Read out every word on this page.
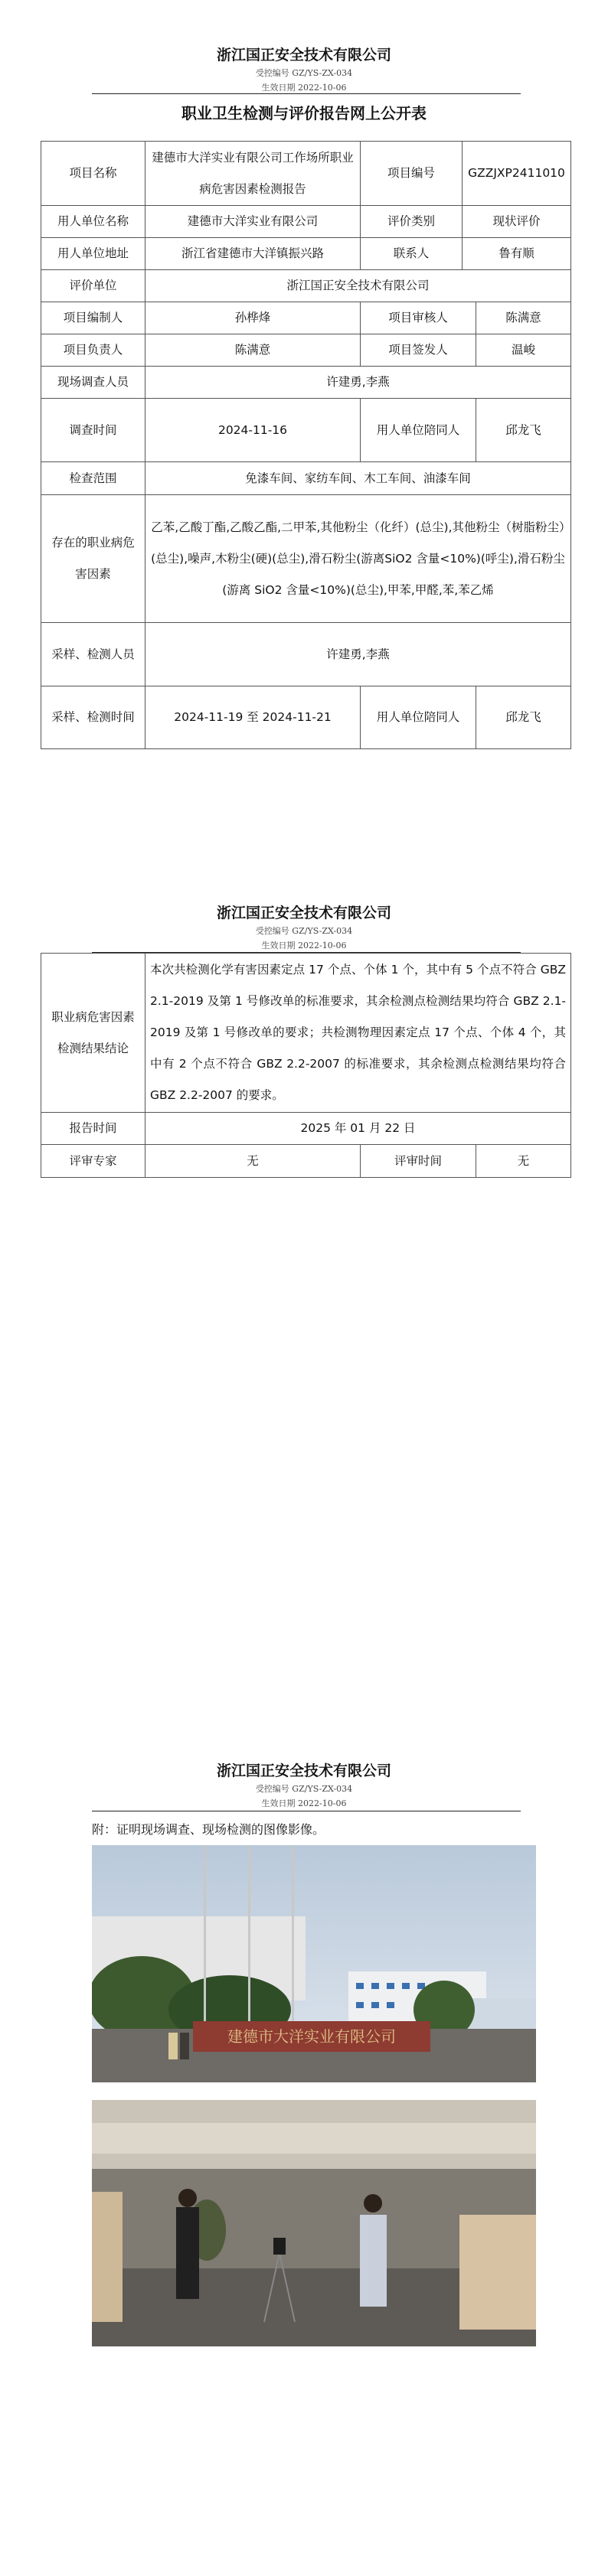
浙江国正安全技术有限公司
受控编号 GZ/YS-ZX-034
生效日期 2022-10-06
职业卫生检测与评价报告网上公开表
项目名称	建德市大洋实业有限公司工作场所职业病危害因素检测报告	项目编号	GZZJXP2411010	
用人单位名称	建德市大洋实业有限公司	评价类别	现状评价	
用人单位地址	浙江省建德市大洋镇振兴路	联系人	鲁有顺	
评价单位	浙江国正安全技术有限公司			
项目编制人	孙桦烽	项目审核人		陈满意
项目负责人	陈满意	项目签发人		温峻
现场调查人员	许建勇,李燕			
调查时间	2024-11-16	用人单位陪同人		邱龙飞
检查范围	免漆车间、家纺车间、木工车间、油漆车间			
存在的职业病危害因素	乙苯,乙酸丁酯,乙酸乙酯,二甲苯,其他粉尘（化纤）(总尘),其他粉尘（树脂粉尘）(总尘),噪声,木粉尘(硬)(总尘),滑石粉尘(游离SiO2 含量<10%)(呼尘),滑石粉尘(游离 SiO2 含量<10%)(总尘),甲苯,甲醛,苯,苯乙烯			
采样、检测人员	许建勇,李燕			
采样、检测时间	2024-11-19 至 2024-11-21	用人单位陪同人		邱龙飞
浙江国正安全技术有限公司
受控编号 GZ/YS-ZX-034
生效日期 2022-10-06
职业病危害因素检测结果结论	本次共检测化学有害因素定点 17 个点、个体 1 个，其中有 5 个点不符合 GBZ 2.1-2019 及第 1 号修改单的标准要求，其余检测点检测结果均符合 GBZ 2.1-2019 及第 1 号修改单的要求；共检测物理因素定点 17 个点、个体 4 个，其中有 2 个点不符合 GBZ 2.2-2007 的标准要求，其余检测点检测结果均符合 GBZ 2.2-2007 的要求。		
报告时间	2025 年 01 月 22 日		
评审专家	无	评审时间	无
浙江国正安全技术有限公司
受控编号 GZ/YS-ZX-034
生效日期 2022-10-06
附：证明现场调查、现场检测的图像影像。
建德市大洋实业有限公司
